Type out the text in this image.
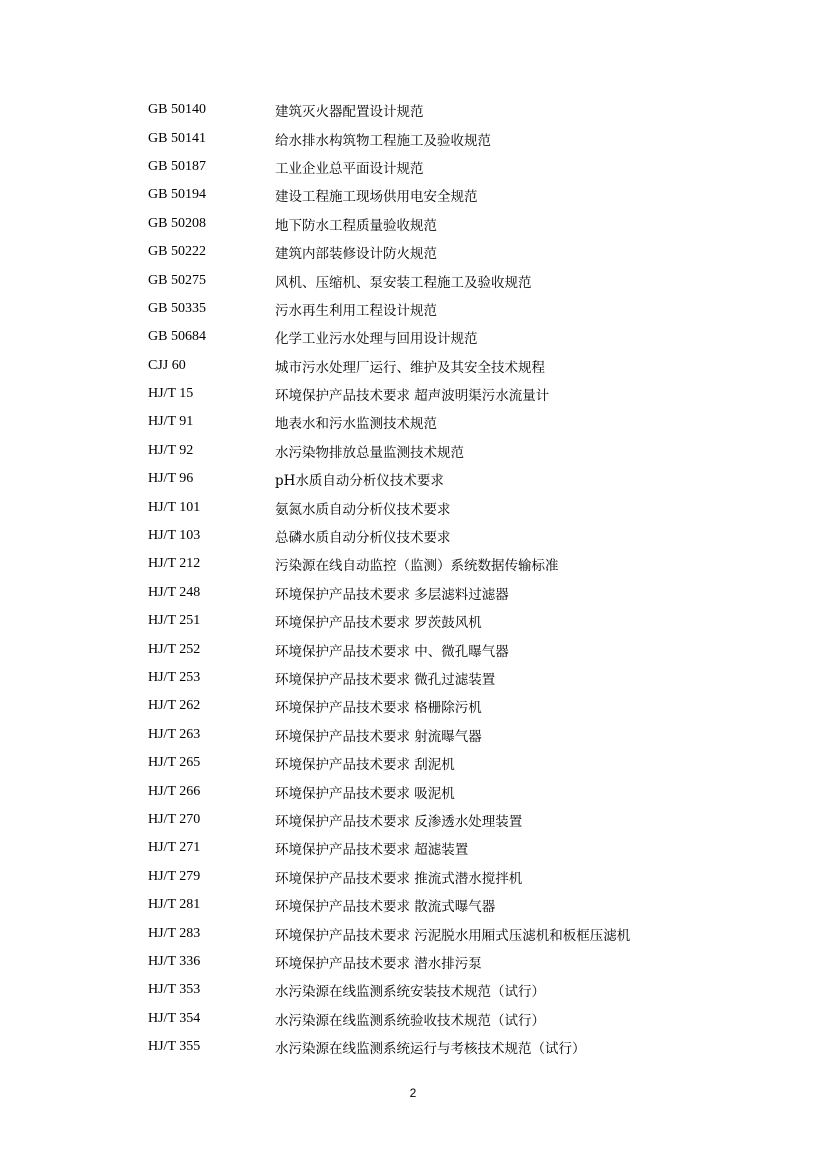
GB 50140	建筑灭火器配置设计规范
GB 50141	给水排水构筑物工程施工及验收规范
GB 50187	工业企业总平面设计规范
GB 50194	建设工程施工现场供用电安全规范
GB 50208	地下防水工程质量验收规范
GB 50222	建筑内部装修设计防火规范
GB 50275	风机、压缩机、泵安装工程施工及验收规范
GB 50335	污水再生利用工程设计规范
GB 50684	化学工业污水处理与回用设计规范
CJJ 60	城市污水处理厂运行、维护及其安全技术规程
HJ/T 15	环境保护产品技术要求 超声波明渠污水流量计
HJ/T 91	地表水和污水监测技术规范
HJ/T 92	水污染物排放总量监测技术规范
HJ/T 96	pH水质自动分析仪技术要求
HJ/T 101	氨氮水质自动分析仪技术要求
HJ/T 103	总磷水质自动分析仪技术要求
HJ/T 212	污染源在线自动监控（监测）系统数据传输标准
HJ/T 248	环境保护产品技术要求 多层滤料过滤器
HJ/T 251	环境保护产品技术要求 罗茨鼓风机
HJ/T 252	环境保护产品技术要求 中、微孔曝气器
HJ/T 253	环境保护产品技术要求 微孔过滤装置
HJ/T 262	环境保护产品技术要求 格栅除污机
HJ/T 263	环境保护产品技术要求 射流曝气器
HJ/T 265	环境保护产品技术要求 刮泥机
HJ/T 266	环境保护产品技术要求 吸泥机
HJ/T 270	环境保护产品技术要求 反渗透水处理装置
HJ/T 271	环境保护产品技术要求 超滤装置
HJ/T 279	环境保护产品技术要求 推流式潜水搅拌机
HJ/T 281	环境保护产品技术要求 散流式曝气器
HJ/T 283	环境保护产品技术要求 污泥脱水用厢式压滤机和板框压滤机
HJ/T 336	环境保护产品技术要求 潜水排污泵
HJ/T 353	水污染源在线监测系统安装技术规范（试行）
HJ/T 354	水污染源在线监测系统验收技术规范（试行）
HJ/T 355	水污染源在线监测系统运行与考核技术规范（试行）
2
